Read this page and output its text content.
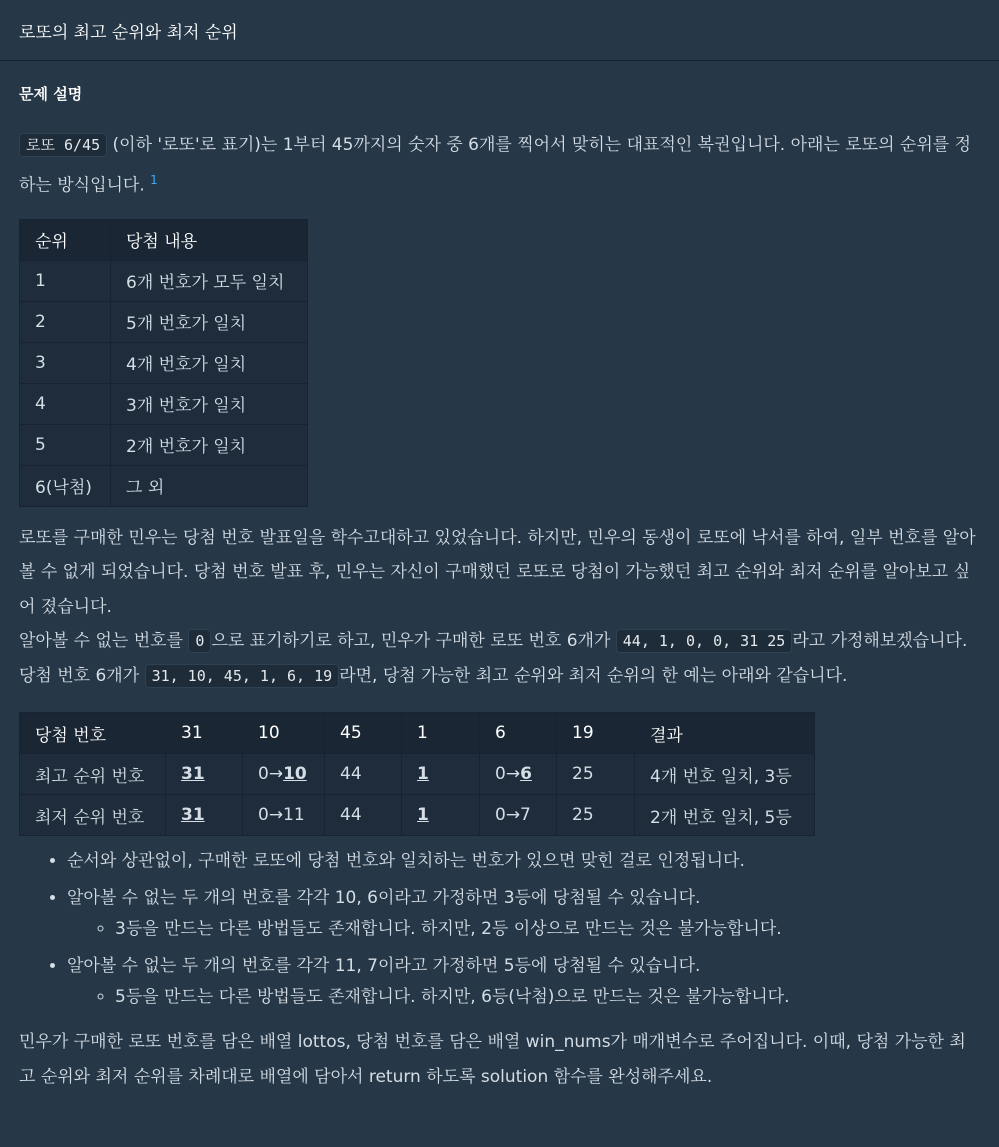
로또의 최고 순위와 최저 순위
문제 설명

로또 6/45 (이하 '로또'로 표기)는 1부터 45까지의 숫자 중 6개를 찍어서 맞히는 대표적인 복권입니다. 아래는 로또의 순위를 정하는 방식입니다. $^1$

순위	당첨 내용
1	6개 번호가 모두 일치
2	5개 번호가 일치
3	4개 번호가 일치
4	3개 번호가 일치
5	2개 번호가 일치
6(낙첨)	그 외

로또를 구매한 민우는 당첨 번호 발표일을 학수고대하고 있었습니다. 하지만, 민우의 동생이 로또에 낙서를 하여, 일부 번호를 알아볼 수 없게 되었습니다. 당첨 번호 발표 후, 민우는 자신이 구매했던 로또로 당첨이 가능했던 최고 순위와 최저 순위를 알아보고 싶어 졌습니다.

알아볼 수 없는 번호를 0 으로 표기하기로 하고, 민우가 구매한 로또 번호 6개가 44, 1, 0, 0, 31 25 라고 가정해보겠습니다. 당첨 번호 6개가 31, 10, 45, 1, 6, 19 라면, 당첨 가능한 최고 순위와 최저 순위의 한 예는 아래와 같습니다.

당첨 번호	31	10	45	1	6	19	결과
최고 순위 번호	31	0→10	44	1	0→6	25	4개 번호 일치, 3등
최저 순위 번호	31	0→11	44	1	0→7	25	2개 번호 일치, 5등
• 순서와 상관없이, 구매한 로또에 당첨 번호와 일치하는 번호가 있으면 맞힌 걸로 인정됩니다.
• 알아볼 수 없는 두 개의 번호를 각각 10, 6이라고 가정하면 3등에 당첨될 수 있습니다.
◦ 3등을 만드는 다른 방법들도 존재합니다. 하지만, 2등 이상으로 만드는 것은 불가능합니다.
• 알아볼 수 없는 두 개의 번호를 각각 11, 7이라고 가정하면 5등에 당첨될 수 있습니다.
◦ 5등을 만드는 다른 방법들도 존재합니다. 하지만, 6등(낙첨)으로 만드는 것은 불가능합니다.

민우가 구매한 로또 번호를 담은 배열 lottos, 당첨 번호를 담은 배열 win_nums가 매개변수로 주어집니다. 이때, 당첨 가능한 최고 순위와 최저 순위를 차례대로 배열에 담아서 return 하도록 solution 함수를 완성해주세요.
